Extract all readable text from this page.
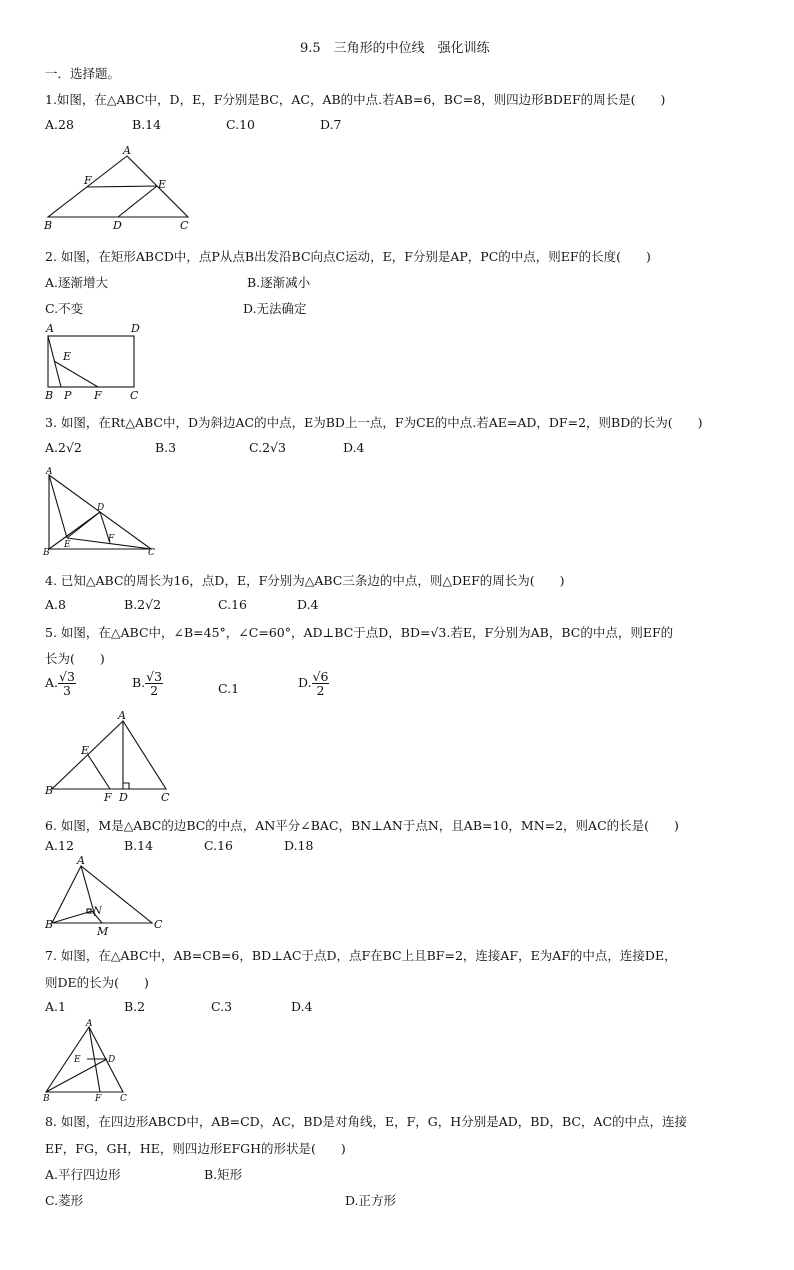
9.5　三角形的中位线　强化训练
一．选择题。
1.如图，在△ABC中，D，E，F分别是BC，AC，AB的中点.若AB=6，BC=8，则四边形BDEF的周长是(　　)
A.28	B.14	C.10	D.7
A
F	E
B	D	C
2. 如图，在矩形ABCD中，点P从点B出发沿BC向点C运动，E，F分别是AP，PC的中点，则EF的长度(　　)
A.逐渐增大	B.逐渐减小
C.不变	D.无法确定
A	D
E
B P F	C
3. 如图，在Rt△ABC中，D为斜边AC的中点，E为BD上一点，F为CE的中点.若AE=AD，DF=2，则BD的长为(　　)
A.2√2	B.3	C.2√3	D.4
A
D
E
F
B	C
4. 已知△ABC的周长为16，点D，E，F分别为△ABC三条边的中点，则△DEF的周长为(　　)
A.8	B.2√2	C.16	D.4
5. 如图，在△ABC中，∠B=45°，∠C=60°，AD⊥BC于点D，BD=√3.若E，F分别为AB，BC的中点，则EF的
长为(　　)
A. $\frac{√3}{3}$	B. $\frac{√3}{2}$	C.1	D. $\frac{√6}{2}$
A
E
B
F D	C
6. 如图，M是△ABC的边BC的中点，AN平分∠BAC，BN⊥AN于点N，且AB=10，MN=2，则AC的长是(　　)
A.12	B.14	C.16	D.18
A
N
B
M
C
7. 如图，在△ABC中，AB=CB=6，BD⊥AC于点D，点F在BC上且BF=2，连接AF，E为AF的中点，连接DE，
则DE的长为(　　)
A.1	B.2	C.3	D.4
A
E	D
B	F C
8. 如图，在四边形ABCD中，AB=CD，AC，BD是对角线，E，F，G，H分别是AD，BD，BC，AC的中点，连接
EF，FG，GH，HE，则四边形EFGH的形状是(　　)
A.平行四边形	B.矩形
C.菱形	D.正方形
